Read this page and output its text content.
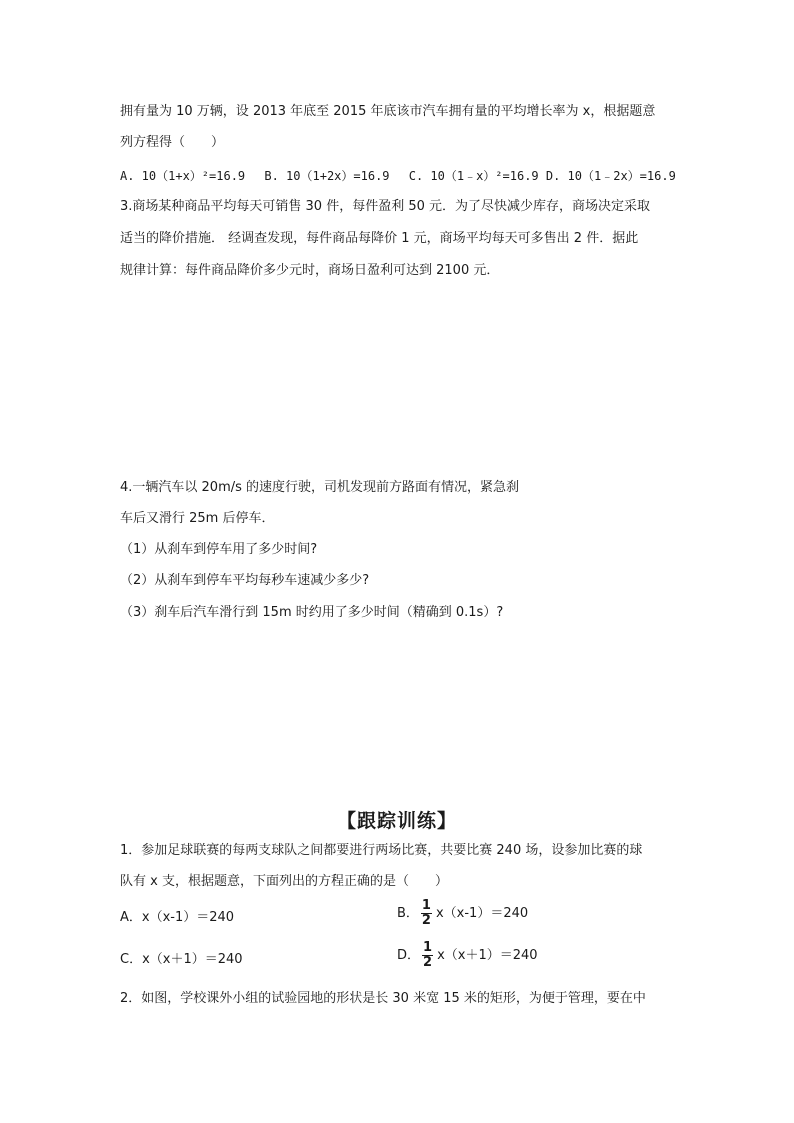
拥有量为 10 万辆，设 2013 年底至 2015 年底该市汽车拥有量的平均增长率为 x，根据题意
列方程得（　　）
A. 10（1+x）²=16.9　 B. 10（1+2x）=16.9　 C. 10（1﹣x）²=16.9 D. 10（1﹣2x）=16.9
3.商场某种商品平均每天可销售 30 件，每件盈利 50 元．为了尽快减少库存，商场决定采取
适当的降价措施． 经调查发现，每件商品每降价 1 元，商场平均每天可多售出 2 件．据此
规律计算：每件商品降价多少元时，商场日盈利可达到 2100 元．
4.一辆汽车以 20m/s 的速度行驶，司机发现前方路面有情况，紧急刹
车后又滑行 25m 后停车．
（1）从刹车到停车用了多少时间?
（2）从刹车到停车平均每秒车速减少多少?
（3）刹车后汽车滑行到 15m 时约用了多少时间（精确到 0.1s）?
【跟踪训练】
1．参加足球联赛的每两支球队之间都要进行两场比赛，共要比赛 240 场，设参加比赛的球
队有 x 支，根据题意，下面列出的方程正确的是（　　）
A．x（x-1）＝240	B． $\frac{1}{2} x(x-1)=240$
C．x（x＋1）＝240	D． $\frac{1}{2} x(x+1)=240$
2．如图，学校课外小组的试验园地的形状是长 30 米宽 15 米的矩形，为便于管理，要在中
